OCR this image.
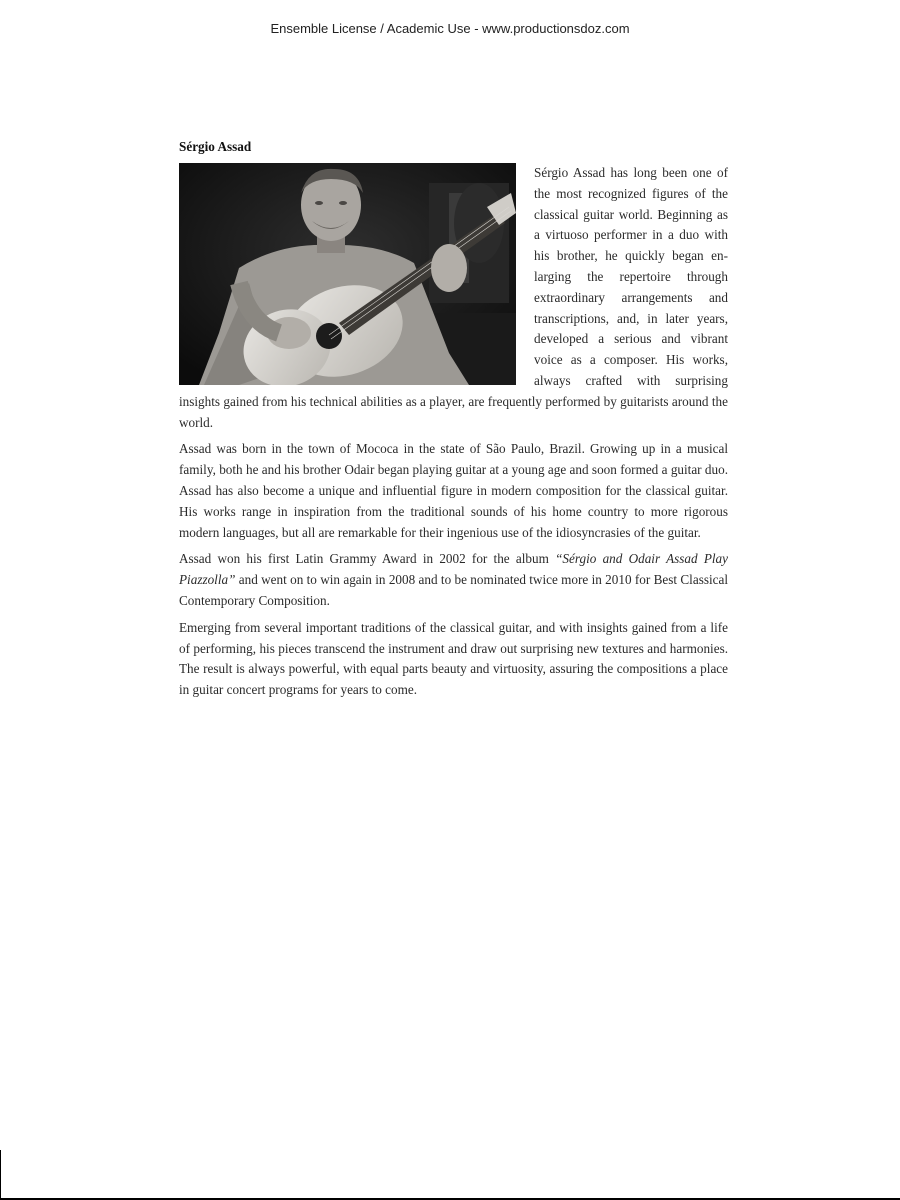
Ensemble License / Academic Use - www.productionsdoz.com
Sérgio Assad

Sérgio Assad has long been one of the most recognized figures of the classical guitar world. Beginning as a virtuoso performer in a duo with his brother, he quickly began enlarging the repertoire through extraordinary arrangements and transcriptions, and, in later years, developed a serious and vibrant voice as a composer. His works, always crafted with surprising insights gained from his technical abilities as a player, are frequently performed by guitarists around the world.

Assad was born in the town of Mococa in the state of São Paulo, Brazil. Growing up in a musical family, both he and his brother Odair began playing guitar at a young age and soon formed a guitar duo. Assad has also become a unique and influential figure in modern composition for the classical guitar. His works range in inspiration from the traditional sounds of his home country to more rigorous modern languages, but all are remarkable for their ingenious use of the idiosyncrasies of the guitar.

Assad won his first Latin Grammy Award in 2002 for the album “Sérgio and Odair Assad Play Piazzolla” and went on to win again in 2008 and to be nominated twice more in 2010 for Best Classical Contemporary Composition.

Emerging from several important traditions of the classical guitar, and with insights gained from a life of performing, his pieces transcend the instrument and draw out surprising new textures and harmonies. The result is always powerful, with equal parts beauty and virtuosity, assuring the compositions a place in guitar concert programs for years to come.
